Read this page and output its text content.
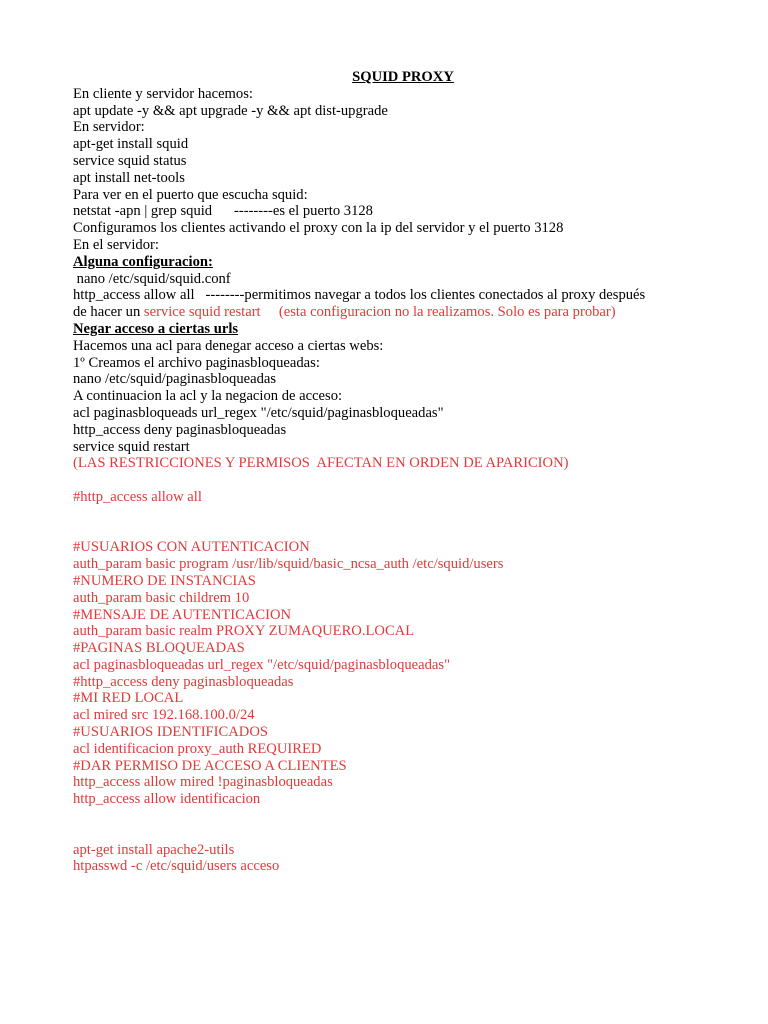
SQUID PROXY
En cliente y servidor hacemos:
apt update -y && apt upgrade -y && apt dist-upgrade
En servidor:
apt-get install squid
service squid status
apt install net-tools
Para ver en el puerto que escucha squid:
netstat -apn | grep squid      --------es el puerto 3128
Configuramos los clientes activando el proxy con la ip del servidor y el puerto 3128
En el servidor:
Alguna configuracion:
nano /etc/squid/squid.conf
http_access allow all   --------permitimos navegar a todos los clientes conectados al proxy después
de hacer un service squid restart     (esta configuracion no la realizamos. Solo es para probar)
Negar acceso a ciertas urls
Hacemos una acl para denegar acceso a ciertas webs:
1º Creamos el archivo paginasbloqueadas:
nano /etc/squid/paginasbloqueadas
A continuacion la acl y la negacion de acceso:
acl paginasbloqueads url_regex "/etc/squid/paginasbloqueadas"
http_access deny paginasbloqueadas
service squid restart
(LAS RESTRICCIONES Y PERMISOS  AFECTAN EN ORDEN DE APARICION)
#http_access allow all
#USUARIOS CON AUTENTICACION
auth_param basic program /usr/lib/squid/basic_ncsa_auth /etc/squid/users
#NUMERO DE INSTANCIAS
auth_param basic childrem 10
#MENSAJE DE AUTENTICACION
auth_param basic realm PROXY ZUMAQUERO.LOCAL
#PAGINAS BLOQUEADAS
acl paginasbloqueadas url_regex "/etc/squid/paginasbloqueadas"
#http_access deny paginasbloqueadas
#MI RED LOCAL
acl mired src 192.168.100.0/24
#USUARIOS IDENTIFICADOS
acl identificacion proxy_auth REQUIRED
#DAR PERMISO DE ACCESO A CLIENTES
http_access allow mired !paginasbloqueadas
http_access allow identificacion
apt-get install apache2-utils
htpasswd -c /etc/squid/users acceso
